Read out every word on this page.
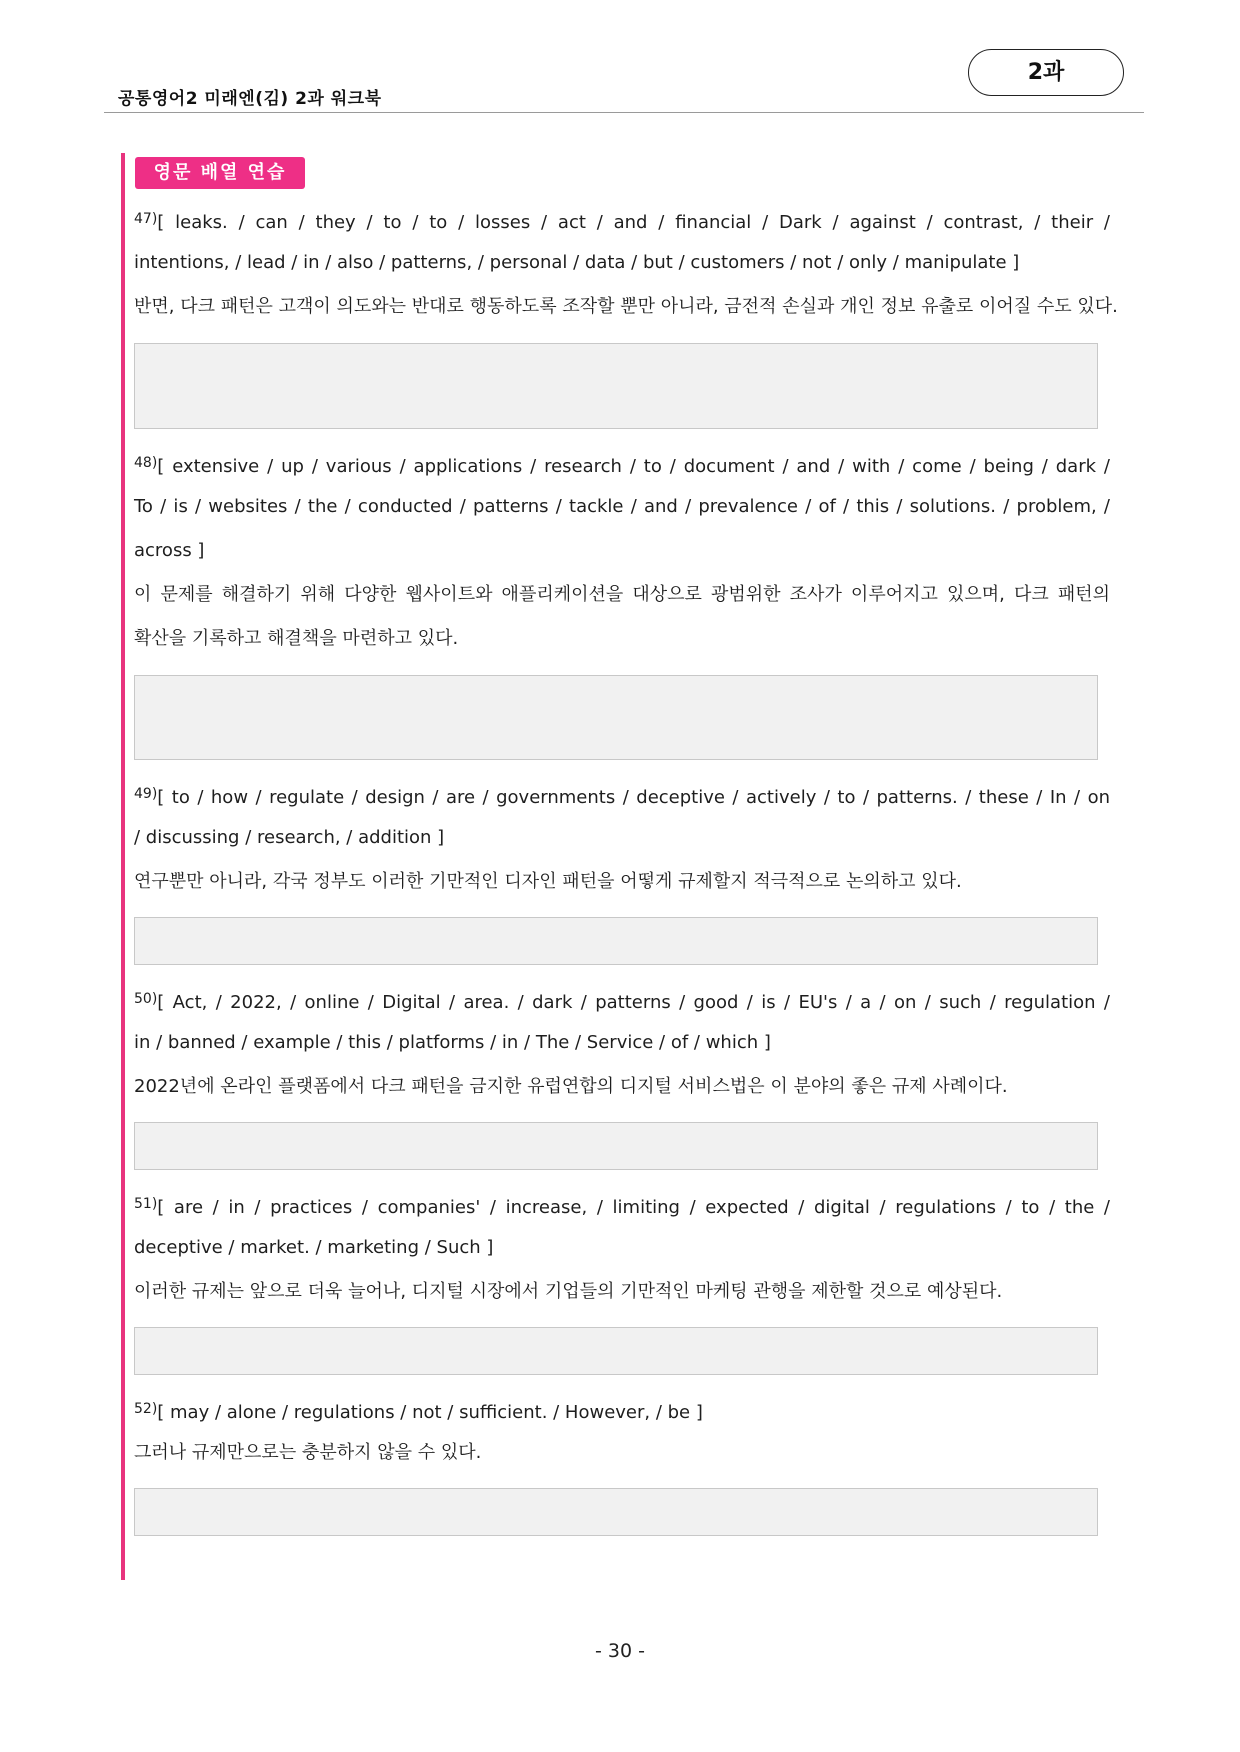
공통영어2 미래엔(김) 2과 워크북
2과
영문 배열 연습
$^{47)}$[ leaks. / can / they / to / to / losses / act / and / financial / Dark / against / contrast, / their /
intentions, / lead / in / also / patterns, / personal / data / but / customers / not / only / manipulate ]
반면, 다크 패턴은 고객이 의도와는 반대로 행동하도록 조작할 뿐만 아니라, 금전적 손실과 개인 정보 유출로 이어질 수도 있다.
$^{48)}$[ extensive / up / various / applications / research / to / document / and / with / come / being / dark /
To / is / websites / the / conducted / patterns / tackle / and / prevalence / of / this / solutions. / problem, /
across ]
이 문제를 해결하기 위해 다양한 웹사이트와 애플리케이션을 대상으로 광범위한 조사가 이루어지고 있으며, 다크 패턴의
확산을 기록하고 해결책을 마련하고 있다.
$^{49)}$[ to / how / regulate / design / are / governments / deceptive / actively / to / patterns. / these / In / on
/ discussing / research, / addition ]
연구뿐만 아니라, 각국 정부도 이러한 기만적인 디자인 패턴을 어떻게 규제할지 적극적으로 논의하고 있다.
$^{50)}$[ Act, / 2022, / online / Digital / area. / dark / patterns / good / is / EU's / a / on / such / regulation /
in / banned / example / this / platforms / in / The / Service / of / which ]
2022년에 온라인 플랫폼에서 다크 패턴을 금지한 유럽연합의 디지털 서비스법은 이 분야의 좋은 규제 사례이다.
$^{51)}$[ are / in / practices / companies' / increase, / limiting / expected / digital / regulations / to / the /
deceptive / market. / marketing / Such ]
이러한 규제는 앞으로 더욱 늘어나, 디지털 시장에서 기업들의 기만적인 마케팅 관행을 제한할 것으로 예상된다.
$^{52)}$[ may / alone / regulations / not / sufficient. / However, / be ]
그러나 규제만으로는 충분하지 않을 수 있다.
- 30 -
